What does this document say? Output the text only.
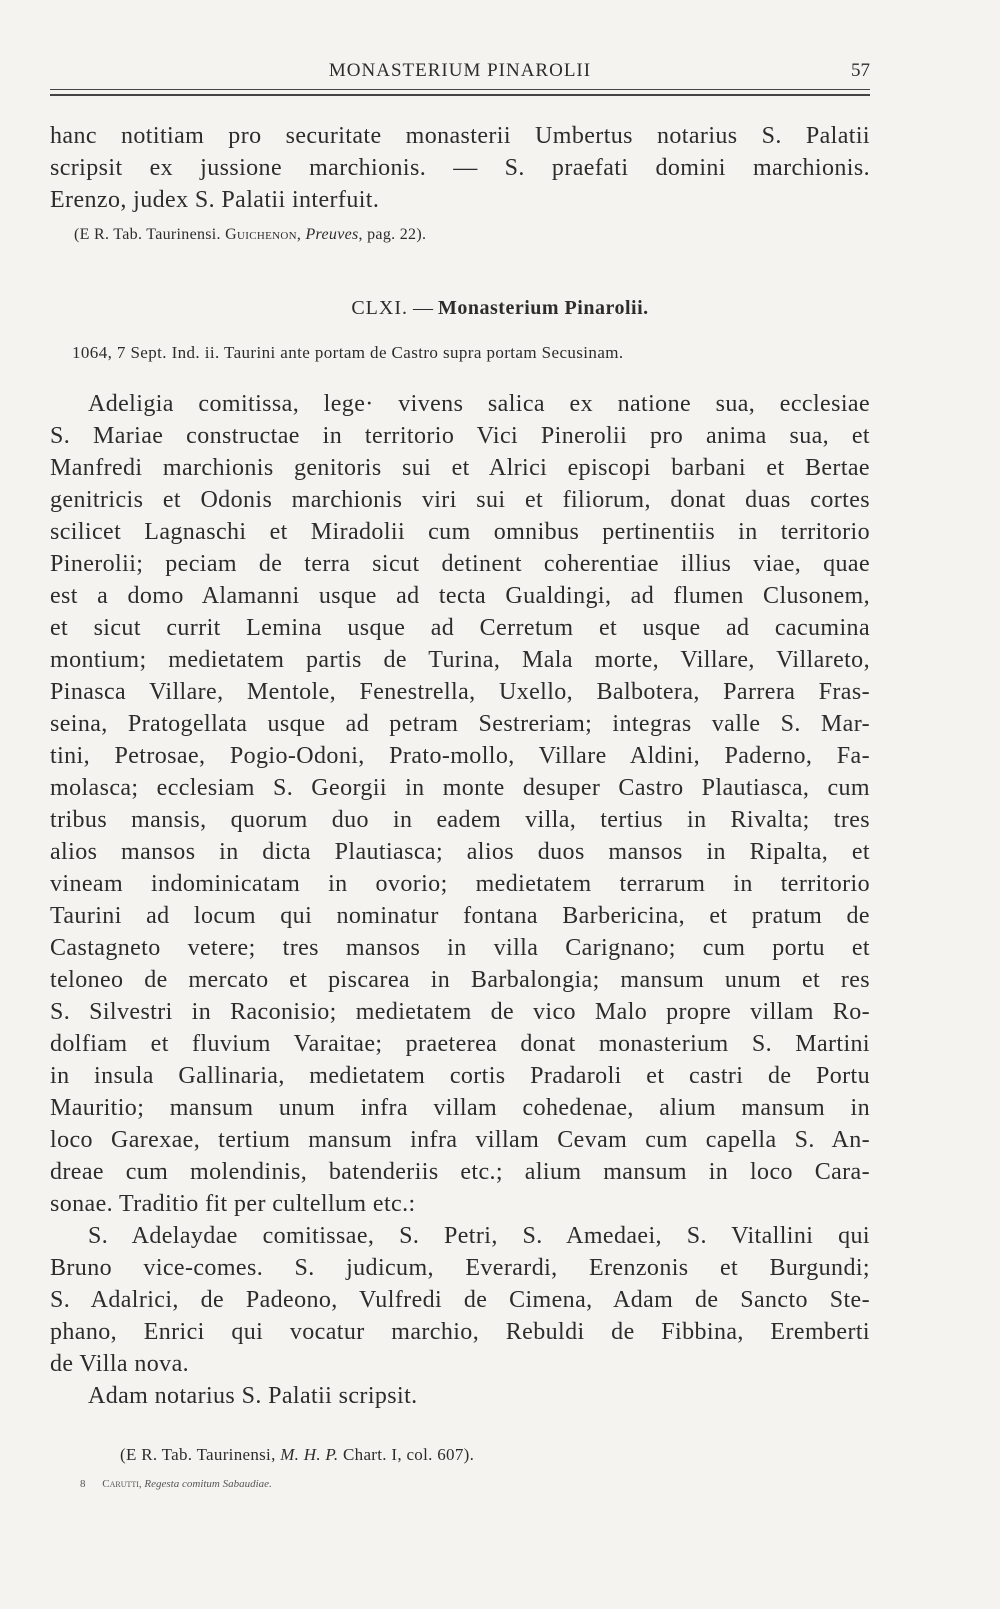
MONASTERIUM PINAROLII	57
hanc notitiam pro securitate monasterii Umbertus notarius S. Palatii
scripsit ex jussione marchionis. — S. praefati domini marchionis.
Erenzo, judex S. Palatii interfuit.
(E R. Tab. Taurinensi. Guichenon, Preuves, pag. 22).
CLXI. — Monasterium Pinarolii.
1064, 7 Sept. Ind. ii. Taurini ante portam de Castro supra portam Secusinam.
Adeligia comitissa, lege· vivens salica ex natione sua, ecclesiae
S. Mariae constructae in territorio Vici Pinerolii pro anima sua, et
Manfredi marchionis genitoris sui et Alrici episcopi barbani et Bertae
genitricis et Odonis marchionis viri sui et filiorum, donat duas cortes
scilicet Lagnaschi et Miradolii cum omnibus pertinentiis in territorio
Pinerolii; peciam de terra sicut detinent coherentiae illius viae, quae
est a domo Alamanni usque ad tecta Gualdingi, ad flumen Clusonem,
et sicut currit Lemina usque ad Cerretum et usque ad cacumina
montium; medietatem partis de Turina, Mala morte, Villare, Villareto,
Pinasca Villare, Mentole, Fenestrella, Uxello, Balbotera, Parrera Fras-
seina, Pratogellata usque ad petram Sestreriam; integras valle S. Mar-
tini, Petrosae, Pogio-Odoni, Prato-mollo, Villare Aldini, Paderno, Fa-
molasca; ecclesiam S. Georgii in monte desuper Castro Plautiasca, cum
tribus mansis, quorum duo in eadem villa, tertius in Rivalta; tres
alios mansos in dicta Plautiasca; alios duos mansos in Ripalta, et
vineam indominicatam in ovorio; medietatem terrarum in territorio
Taurini ad locum qui nominatur fontana Barbericina, et pratum de
Castagneto vetere; tres mansos in villa Carignano; cum portu et
teloneo de mercato et piscarea in Barbalongia; mansum unum et res
S. Silvestri in Raconisio; medietatem de vico Malo propre villam Ro-
dolfiam et fluvium Varaitae; praeterea donat monasterium S. Martini
in insula Gallinaria, medietatem cortis Pradaroli et castri de Portu
Mauritio; mansum unum infra villam cohedenae, alium mansum in
loco Garexae, tertium mansum infra villam Cevam cum capella S. An-
dreae cum molendinis, batenderiis etc.; alium mansum in loco Cara-
sonae. Traditio fit per cultellum etc.:
S. Adelaydae comitissae, S. Petri, S. Amedaei, S. Vitallini qui
Bruno vice-comes. S. judicum, Everardi, Erenzonis et Burgundi;
S. Adalrici, de Padeono, Vulfredi de Cimena, Adam de Sancto Ste-
phano, Enrici qui vocatur marchio, Rebuldi de Fibbina, Eremberti
de Villa nova.
Adam notarius S. Palatii scripsit.
(E R. Tab. Taurinensi, M. H. P. Chart. I, col. 607).
8 Carutti, Regesta comitum Sabaudiae.
